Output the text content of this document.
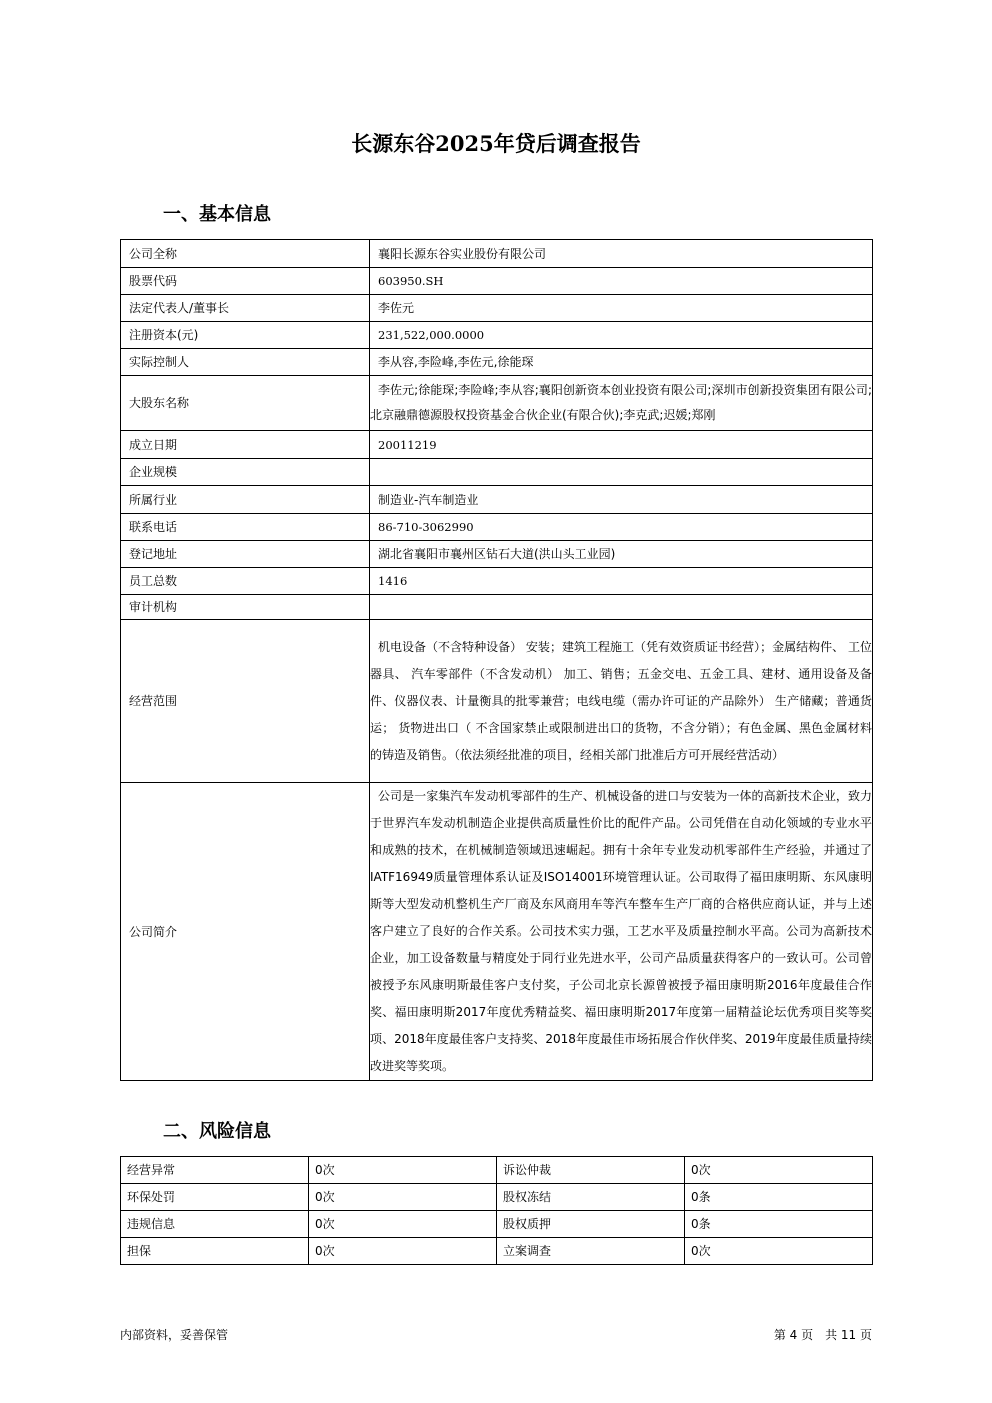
长源东谷2025年贷后调查报告
一、基本信息
公司全称	襄阳长源东谷实业股份有限公司

股票代码	603950.SH

法定代表人/董事长	李佐元

注册资本(元)	231,522,000.0000

实际控制人	李从容,李险峰,李佐元,徐能琛

大股东名称	李佐元;徐能琛;李险峰;李从容;襄阳创新资本创业投资有限公司;深圳市创新投资集团有限公司;北京融鼎德源股权投资基金合伙企业(有限合伙);李克武;迟媛;郑刚

成立日期	20011219

企业规模	

所属行业	制造业-汽车制造业

联系电话	86-710-3062990

登记地址	湖北省襄阳市襄州区钻石大道(洪山头工业园)

员工总数	1416

审计机构	

经营范围	机电设备（不含特种设备） 安装；建筑工程施工（凭有效资质证书经营）；金属结构件、 工位器具、 汽车零部件（不含发动机） 加工、销售；五金交电、五金工具、建材、通用设备及备件、仪器仪表、计量衡具的批零兼营；电线电缆（需办许可证的产品除外） 生产储藏；普通货运； 货物进出口（ 不含国家禁止或限制进出口的货物，不含分销）；有色金属、黑色金属材料的铸造及销售。（依法须经批准的项目，经相关部门批准后方可开展经营活动）

公司简介	公司是一家集汽车发动机零部件的生产、机械设备的进口与安装为一体的高新技术企业，致力于世界汽车发动机制造企业提供高质量性价比的配件产品。公司凭借在自动化领域的专业水平和成熟的技术，在机械制造领域迅速崛起。拥有十余年专业发动机零部件生产经验，并通过了IATF16949质量管理体系认证及ISO14001环境管理认证。公司取得了福田康明斯、东风康明斯等大型发动机整机生产厂商及东风商用车等汽车整车生产厂商的合格供应商认证，并与上述客户建立了良好的合作关系。公司技术实力强，工艺水平及质量控制水平高。公司为高新技术企业，加工设备数量与精度处于同行业先进水平，公司产品质量获得客户的一致认可。公司曾被授予东风康明斯最佳客户支付奖，子公司北京长源曾被授予福田康明斯2016年度最佳合作奖、福田康明斯2017年度优秀精益奖、福田康明斯2017年度第一届精益论坛优秀项目奖等奖项、2018年度最佳客户支持奖、2018年度最佳市场拓展合作伙伴奖、2019年度最佳质量持续改进奖等奖项。
二、风险信息
经营异常	0次	诉讼仲裁	0次
环保处罚	0次	股权冻结	0条
违规信息	0次	股权质押	0条
担保	0次	立案调查	0次
内部资料，妥善保管	第 4 页　共 11 页
